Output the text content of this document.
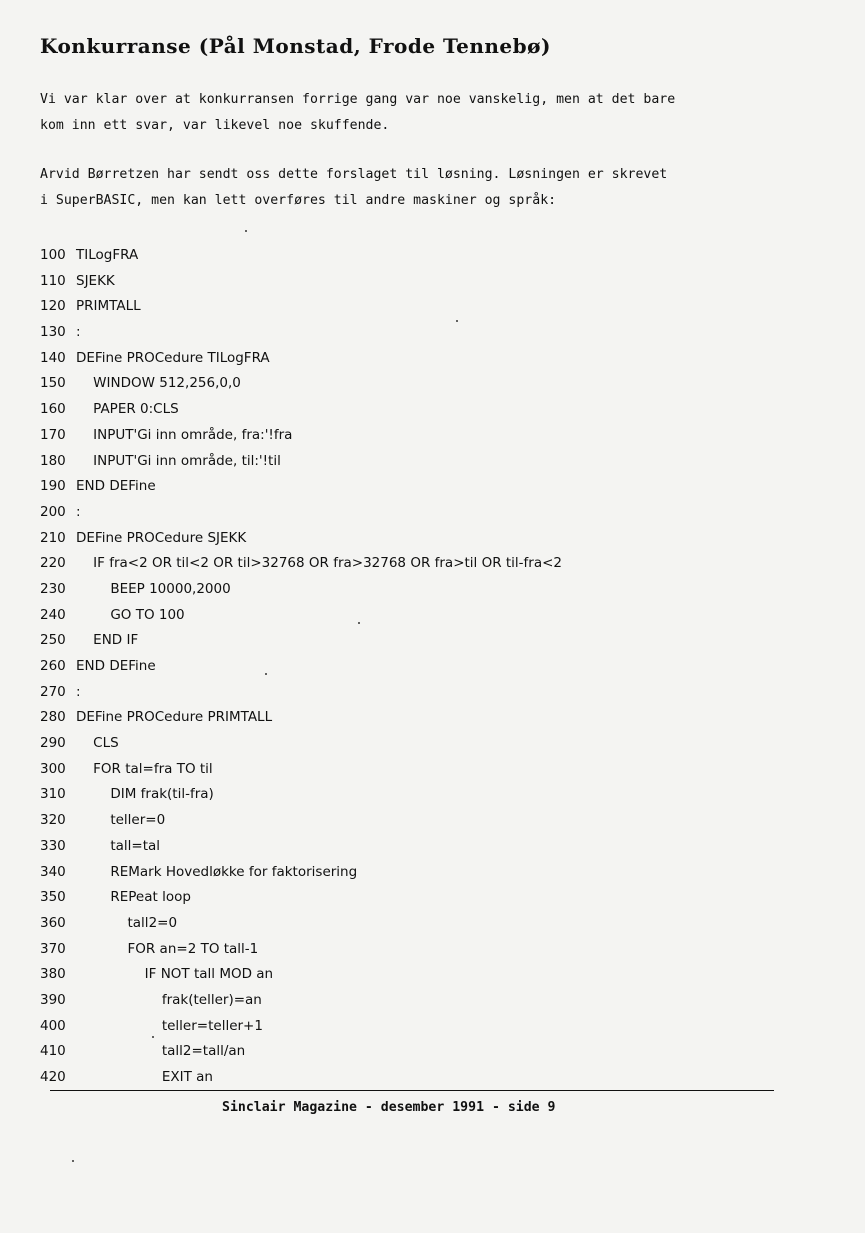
Konkurranse (Pål Monstad, Frode Tennebø)
Vi var klar over at konkurransen forrige gang var noe vanskelig, men at det bare
kom inn ett svar, var likevel noe skuffende.
Arvid Børretzen har sendt oss dette forslaget til løsning. Løsningen er skrevet
i SuperBASIC, men kan lett overføres til andre maskiner og språk:
100 TILogFRA
110 SJEKK
120 PRIMTALL
130 :
140 DEFine PROCedure TILogFRA
150    WINDOW 512,256,0,0
160    PAPER 0:CLS
170    INPUT'Gi inn område, fra:'!fra
180    INPUT'Gi inn område, til:'!til
190 END DEFine
200 :
210 DEFine PROCedure SJEKK
220    IF fra<2 OR til<2 OR til>32768 OR fra>32768 OR fra>til OR til-fra<2
230        BEEP 10000,2000
240        GO TO 100
250    END IF
260 END DEFine
270 :
280 DEFine PROCedure PRIMTALL
290    CLS
300    FOR tal=fra TO til
310        DIM frak(til-fra)
320        teller=0
330        tall=tal
340        REMark Hovedløkke for faktorisering
350        REPeat loop
360            tall2=0
370            FOR an=2 TO tall-1
380                IF NOT tall MOD an
390                    frak(teller)=an
400                    teller=teller+1
410                    tall2=tall/an
420                    EXIT an
Sinclair Magazine - desember 1991 - side 9
